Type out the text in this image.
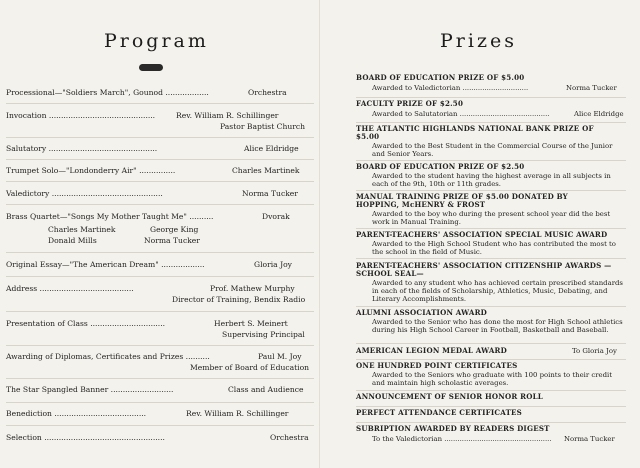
Program
Processional—"Soldiers March", Gounod ..................	Orchestra
Invocation ............................................	Rev. William R. Schillinger
Pastor Baptist Church
Salutatory .............................................	Alice Eldridge
Trumpet Solo—"Londonderry Air" ...............	Charles Martinek
Valedictory ..............................................	Norma Tucker
Brass Quartet—"Songs My Mother Taught Me" ..........	Dvorak
Charles Martinek	George King
Donald Mills	Norma Tucker
Original Essay—"The American Dream" ..................	Gloria Joy
Address .......................................	Prof. Mathew Murphy
Director of Training, Bendix Radio
Presentation of Class ...............................	Herbert S. Meinert
Supervising Principal
Awarding of Diplomas, Certificates and Prizes ..........	Paul M. Joy
Member of Board of Education
The Star Spangled Banner ..........................	Class and Audience
Benediction ......................................	Rev. William R. Schillinger
Selection ..................................................	Orchestra
Prizes
BOARD OF EDUCATION PRIZE OF $5.00
Awarded to Valedictorian ..............................	Norma Tucker
FACULTY PRIZE OF $2.50
Awarded to Salutatorian .........................................	Alice Eldridge
THE ATLANTIC HIGHLANDS NATIONAL BANK PRIZE OF $5.00
Awarded to the Best Student in the Commercial Course of the Junior and Senior Years.
BOARD OF EDUCATION PRIZE OF $2.50
Awarded to the student having the highest average in all subjects in each of the 9th, 10th or 11th grades.
MANUAL TRAINING PRIZE OF $5.00 DONATED BY HOPPING, McHENRY & FROST
Awarded to the boy who during the present school year did the best work in Manual Training.
PARENT-TEACHERS' ASSOCIATION SPECIAL MUSIC AWARD
Awarded to the High School Student who has contributed the most to the school in the field of Music.
PARENT-TEACHERS' ASSOCIATION CITIZENSHIP AWARDS —SCHOOL SEAL—
Awarded to any student who has achieved certain prescribed standards in each of the fields of Scholarship, Athletics, Music, Debating, and Literary Accomplishments.
ALUMNI ASSOCIATION AWARD
Awarded to the Senior who has done the most for High School athletics during his High School Career in Football, Basketball and Baseball.
AMERICAN LEGION MEDAL AWARD	To Gloria Joy
ONE HUNDRED POINT CERTIFICATES
Awarded to the Seniors who graduate with 100 points to their credit and maintain high scholastic averages.
ANNOUNCEMENT OF SENIOR HONOR ROLL
PERFECT ATTENDANCE CERTIFICATES
SUBRIPTION AWARDED BY READERS DIGEST
To the Valedictorian ................................................. Norma Tucker
